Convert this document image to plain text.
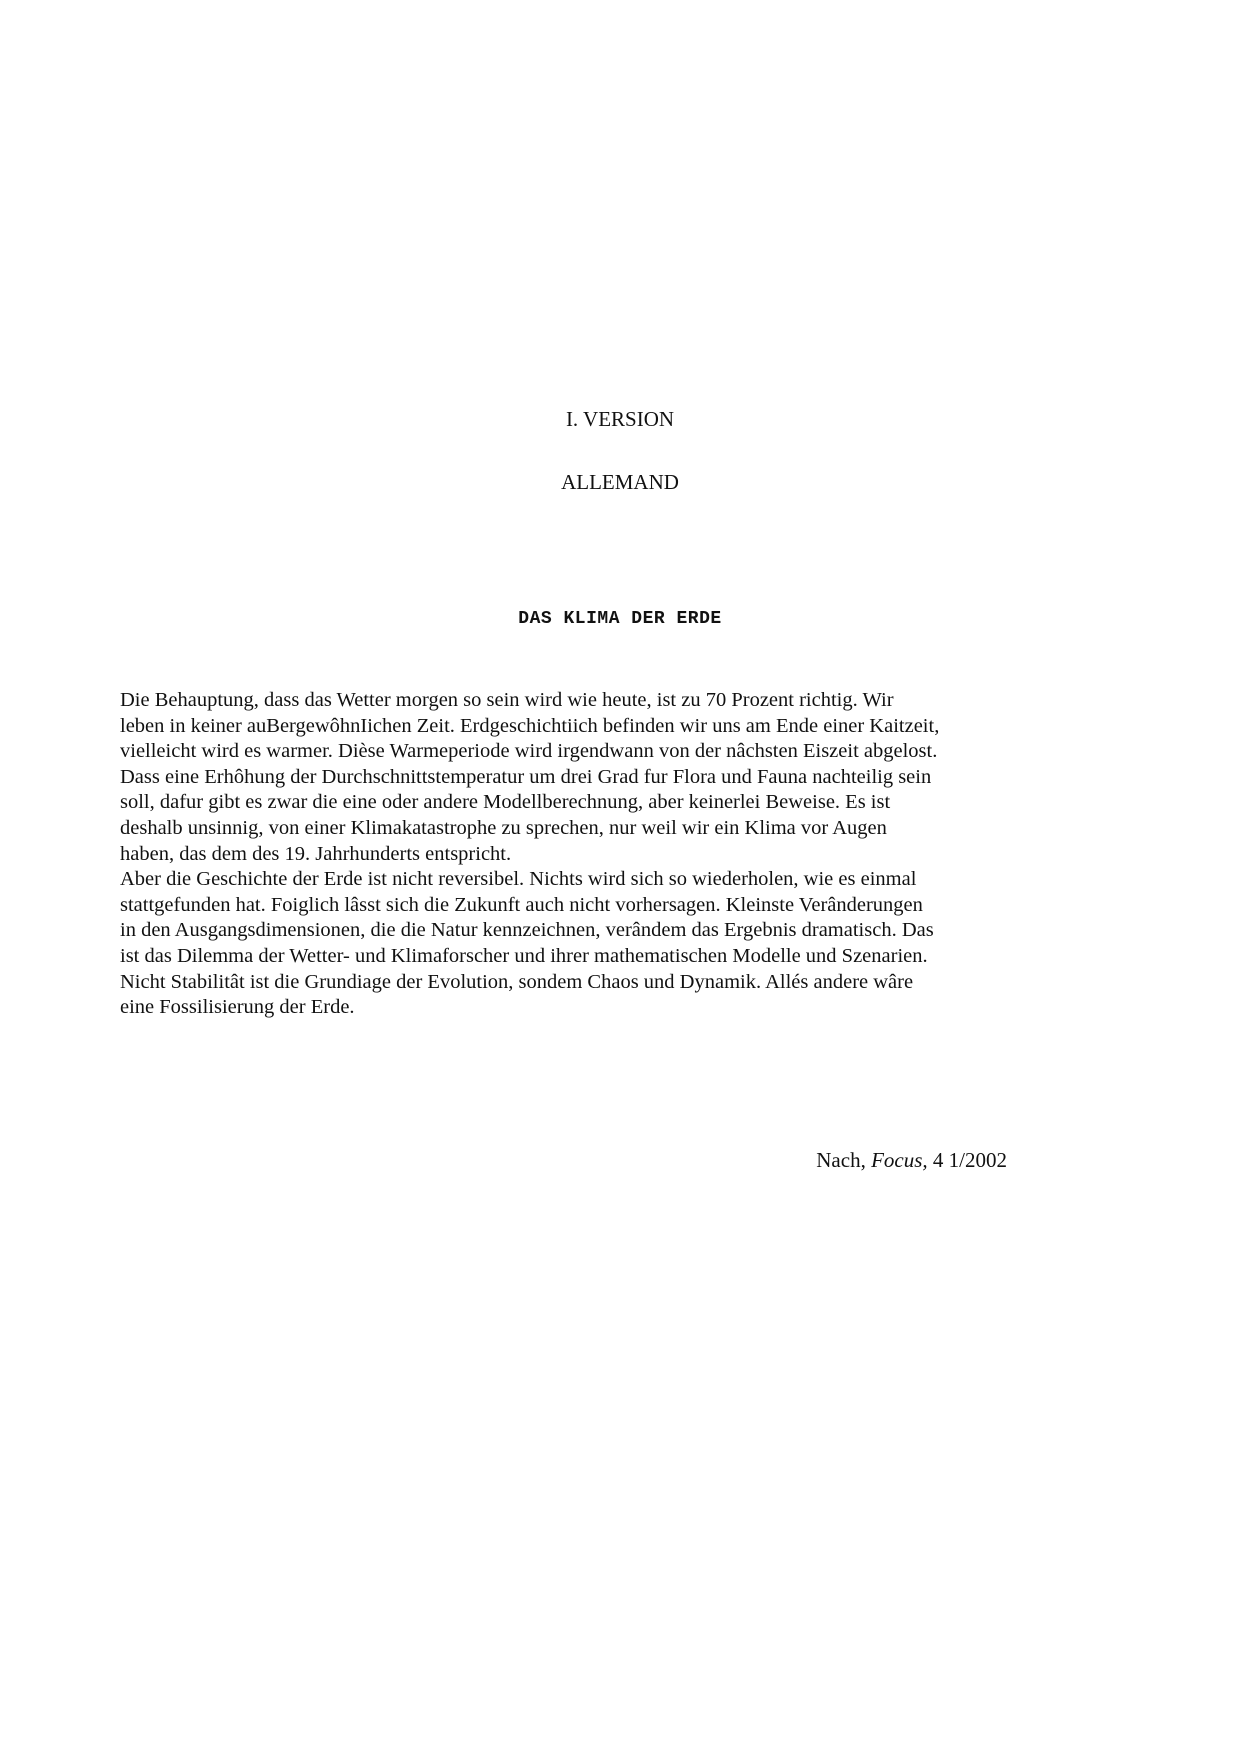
I. VERSION

ALLEMAND

DAS KLIMA DER ERDE

Die Behauptung, dass das Wetter morgen so sein wird wie heute, ist zu 70 Prozent richtig. Wir
leben in keiner auBergewôhnIichen Zeit. Erdgeschichtiich befinden wir uns am Ende einer Kaitzeit,
vielleicht wird es warmer. Dièse Warmeperiode wird irgendwann von der nâchsten Eiszeit abgelost.
Dass eine Erhôhung der Durchschnittstemperatur um drei Grad fur Flora und Fauna nachteilig sein
soll, dafur gibt es zwar die eine oder andere Modellberechnung, aber keinerlei Beweise. Es ist
deshalb unsinnig, von einer Klimakatastrophe zu sprechen, nur weil wir ein Klima vor Augen
haben, das dem des 19. Jahrhunderts entspricht.
Aber die Geschichte der Erde ist nicht reversibel. Nichts wird sich so wiederholen, wie es einmal
stattgefunden hat. Foiglich lâsst sich die Zukunft auch nicht vorhersagen. Kleinste Verânderungen
in den Ausgangsdimensionen, die die Natur kennzeichnen, verândem das Ergebnis dramatisch. Das
ist das Dilemma der Wetter- und Klimaforscher und ihrer mathematischen Modelle und Szenarien.
Nicht Stabilitât ist die Grundiage der Evolution, sondem Chaos und Dynamik. Allés andere wâre
eine Fossilisierung der Erde.

Nach, Focus, 4 1/2002
